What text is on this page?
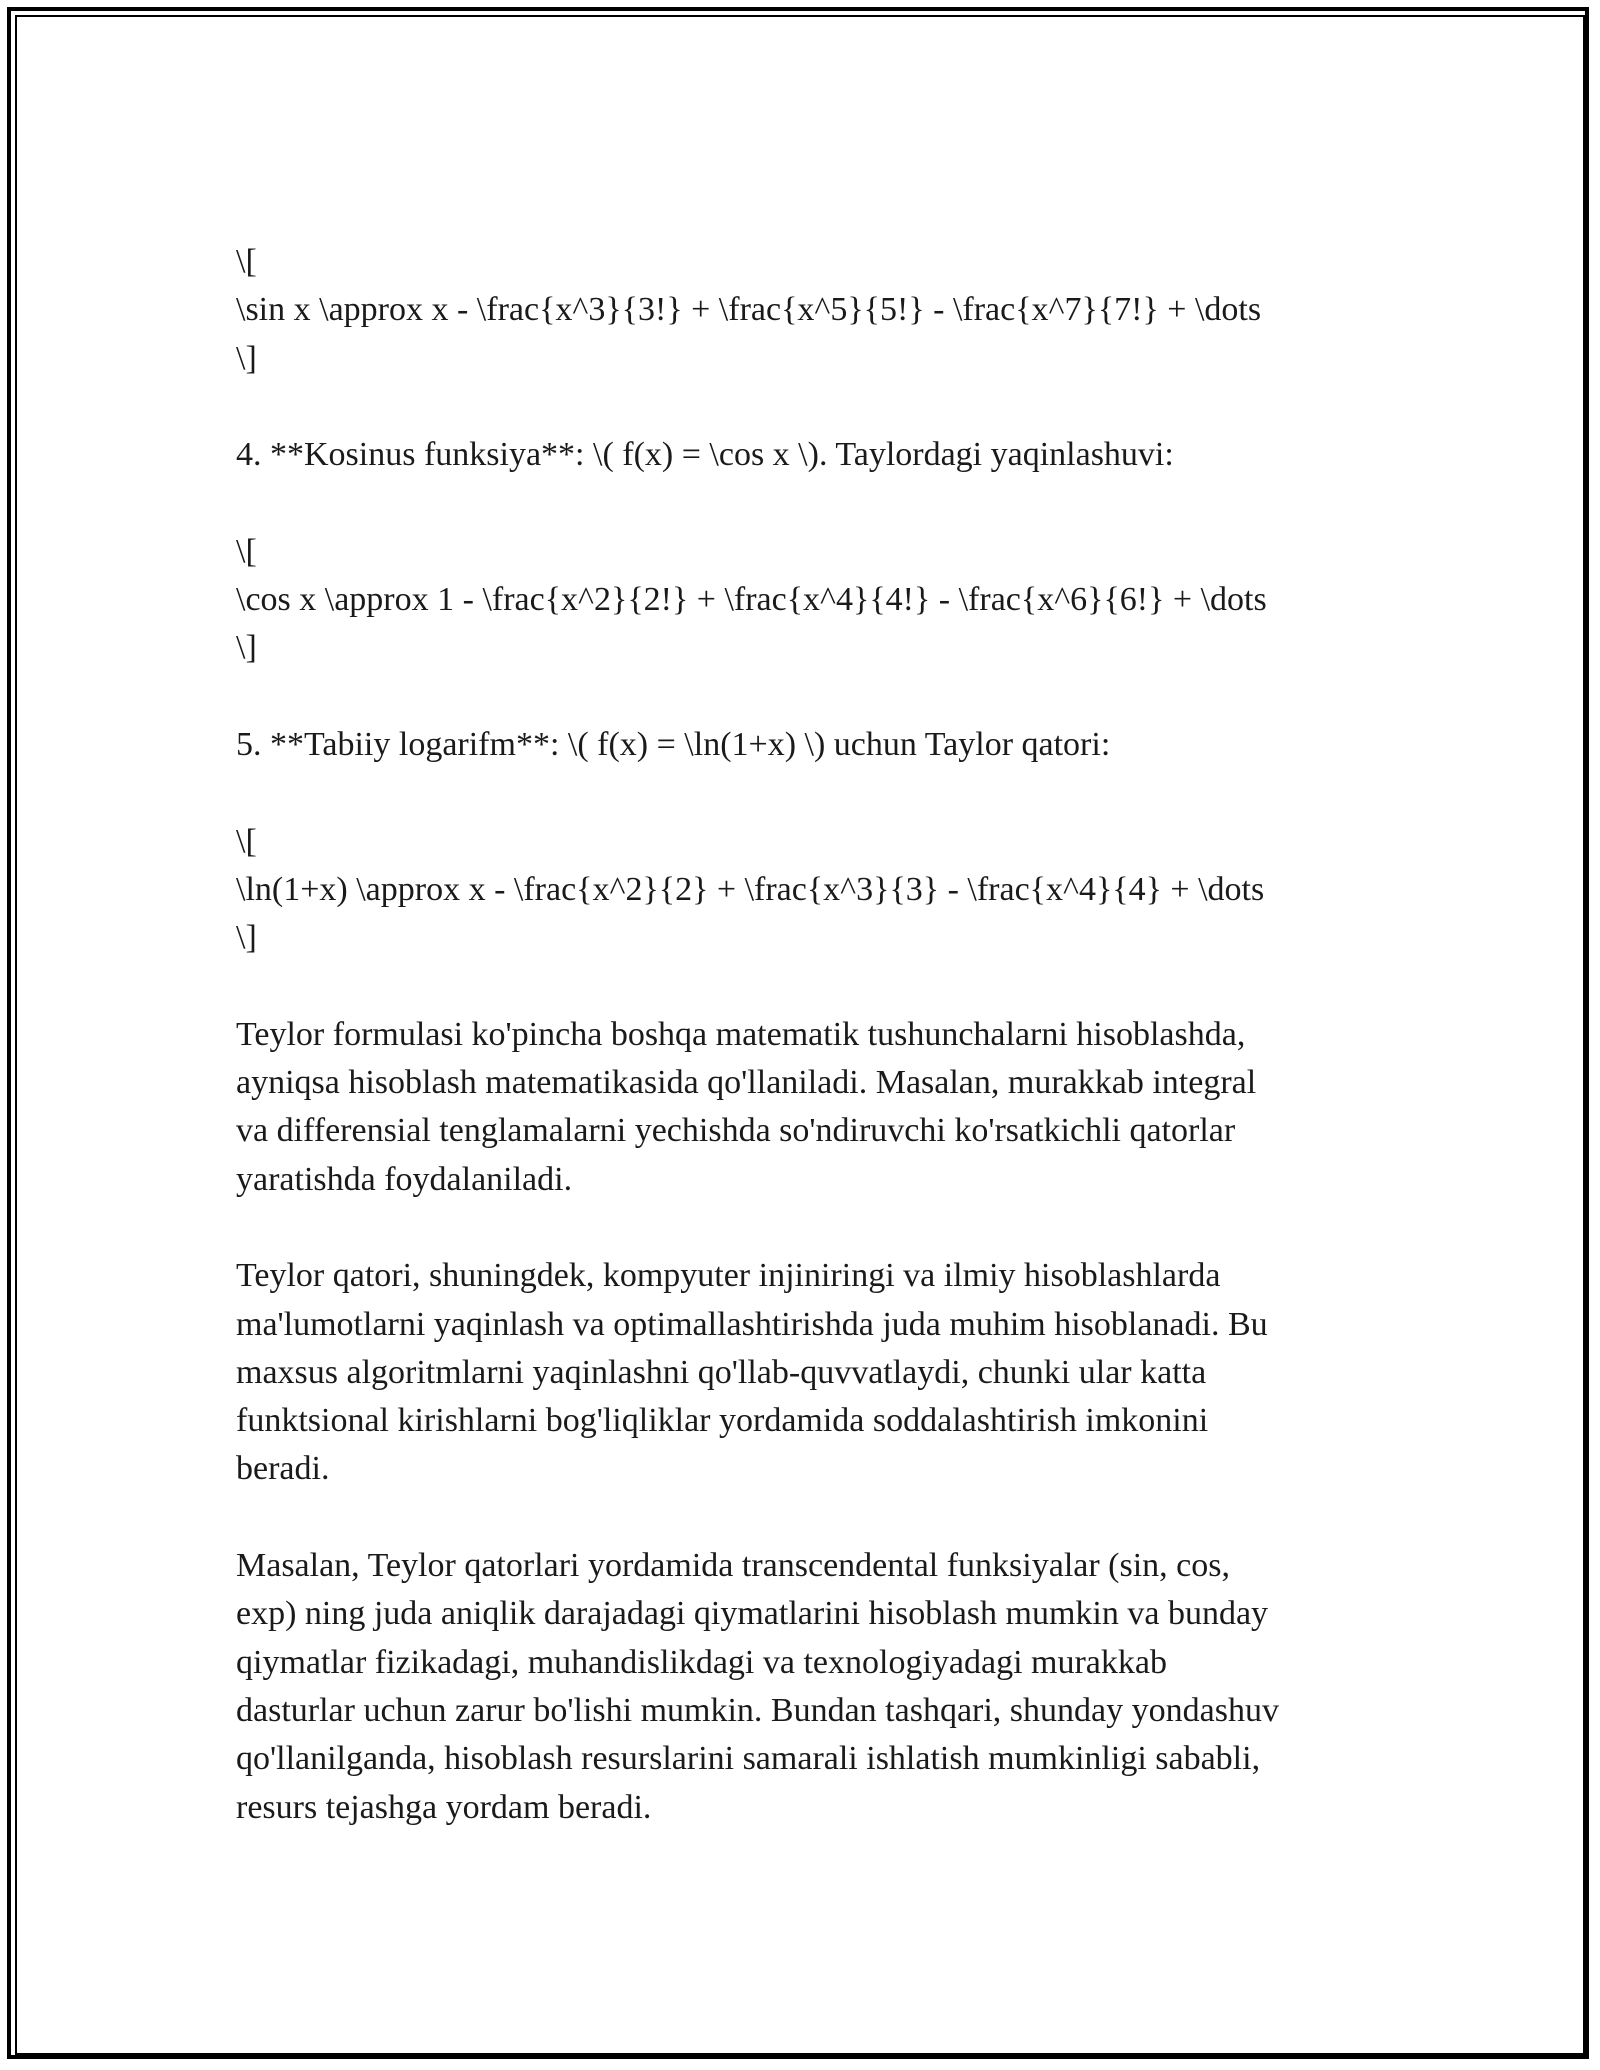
\[

\sin x \approx x - \frac{x^3}{3!} + \frac{x^5}{5!} - \frac{x^7}{7!} + \dots

\]

4. **Kosinus funksiya**: \( f(x) = \cos x \). Taylordagi yaqinlashuvi:

\[

\cos x \approx 1 - \frac{x^2}{2!} + \frac{x^4}{4!} - \frac{x^6}{6!} + \dots

\]

5. **Tabiiy logarifm**: \( f(x) = \ln(1+x) \) uchun Taylor qatori:

\[

\ln(1+x) \approx x - \frac{x^2}{2} + \frac{x^3}{3} - \frac{x^4}{4} + \dots

\]

Teylor formulasi ko'pincha boshqa matematik tushunchalarni hisoblashda,

ayniqsa hisoblash matematikasida qo'llaniladi. Masalan, murakkab integral

va differensial tenglamalarni yechishda so'ndiruvchi ko'rsatkichli qatorlar

yaratishda foydalaniladi.

Teylor qatori, shuningdek, kompyuter injiniringi va ilmiy hisoblashlarda

ma'lumotlarni yaqinlash va optimallashtirishda juda muhim hisoblanadi. Bu

maxsus algoritmlarni yaqinlashni qo'llab-quvvatlaydi, chunki ular katta

funktsional kirishlarni bog'liqliklar yordamida soddalashtirish imkonini

beradi.

Masalan, Teylor qatorlari yordamida transcendental funksiyalar (sin, cos,

exp) ning juda aniqlik darajadagi qiymatlarini hisoblash mumkin va bunday

qiymatlar fizikadagi, muhandislikdagi va texnologiyadagi murakkab

dasturlar uchun zarur bo'lishi mumkin. Bundan tashqari, shunday yondashuv

qo'llanilganda, hisoblash resurslarini samarali ishlatish mumkinligi sababli,

resurs tejashga yordam beradi.
